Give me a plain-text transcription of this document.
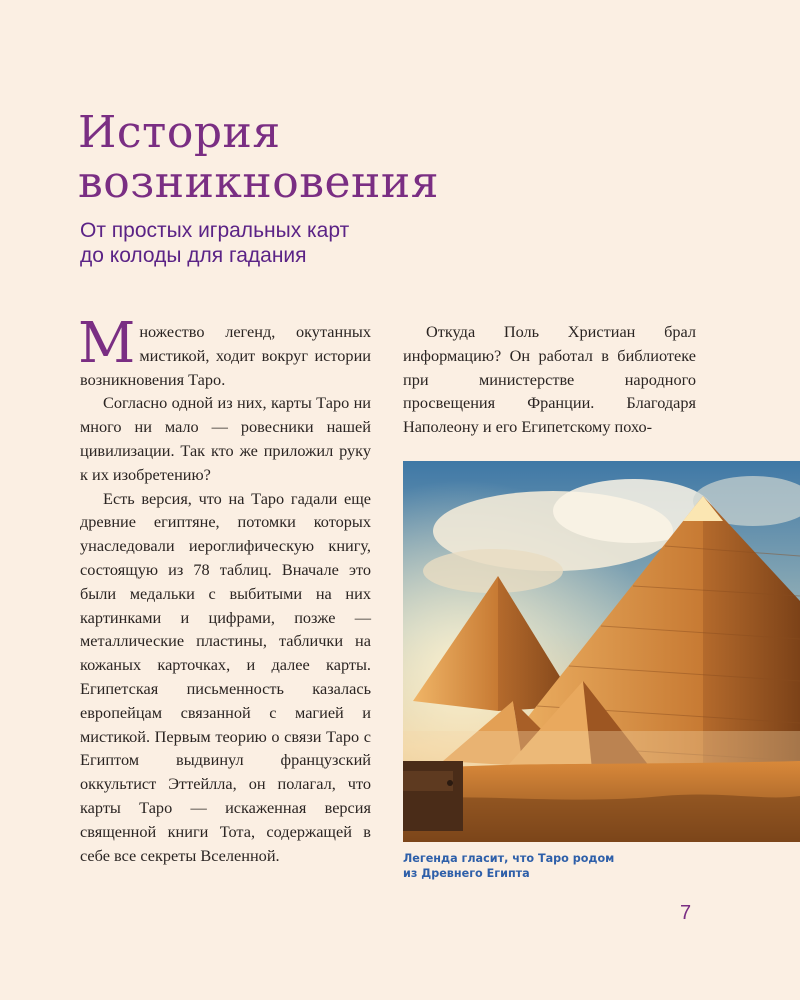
История
возникновения
От простых игральных карт
до колоды для гадания

Множество легенд, окутанных мистикой, ходит вокруг истории возникновения Таро.

Согласно одной из них, карты Таро ни много ни мало — ровесники нашей цивилизации. Так кто же приложил руку к их изобретению?

Есть версия, что на Таро гадали еще древние египтяне, потомки которых унаследовали иероглифическую книгу, состоящую из 78 таблиц. Вначале это были медальки с выбитыми на них картинками и цифрами, позже — металлические пластины, таблички на кожаных карточках, и далее карты. Египетская письменность казалась европейцам связанной с магией и мистикой. Первым теорию о связи Таро с Египтом выдвинул французский оккультист Эттейлла, он полагал, что карты Таро — искаженная версия священной книги Тота, содержащей в себе все секреты Вселенной.

Откуда Поль Христиан брал информацию? Он работал в библиотеке при министерстве народного просвещения Франции. Благодаря Наполеону и его Египетскому похо-

Легенда гласит, что Таро родом
из Древнего Египта
7
